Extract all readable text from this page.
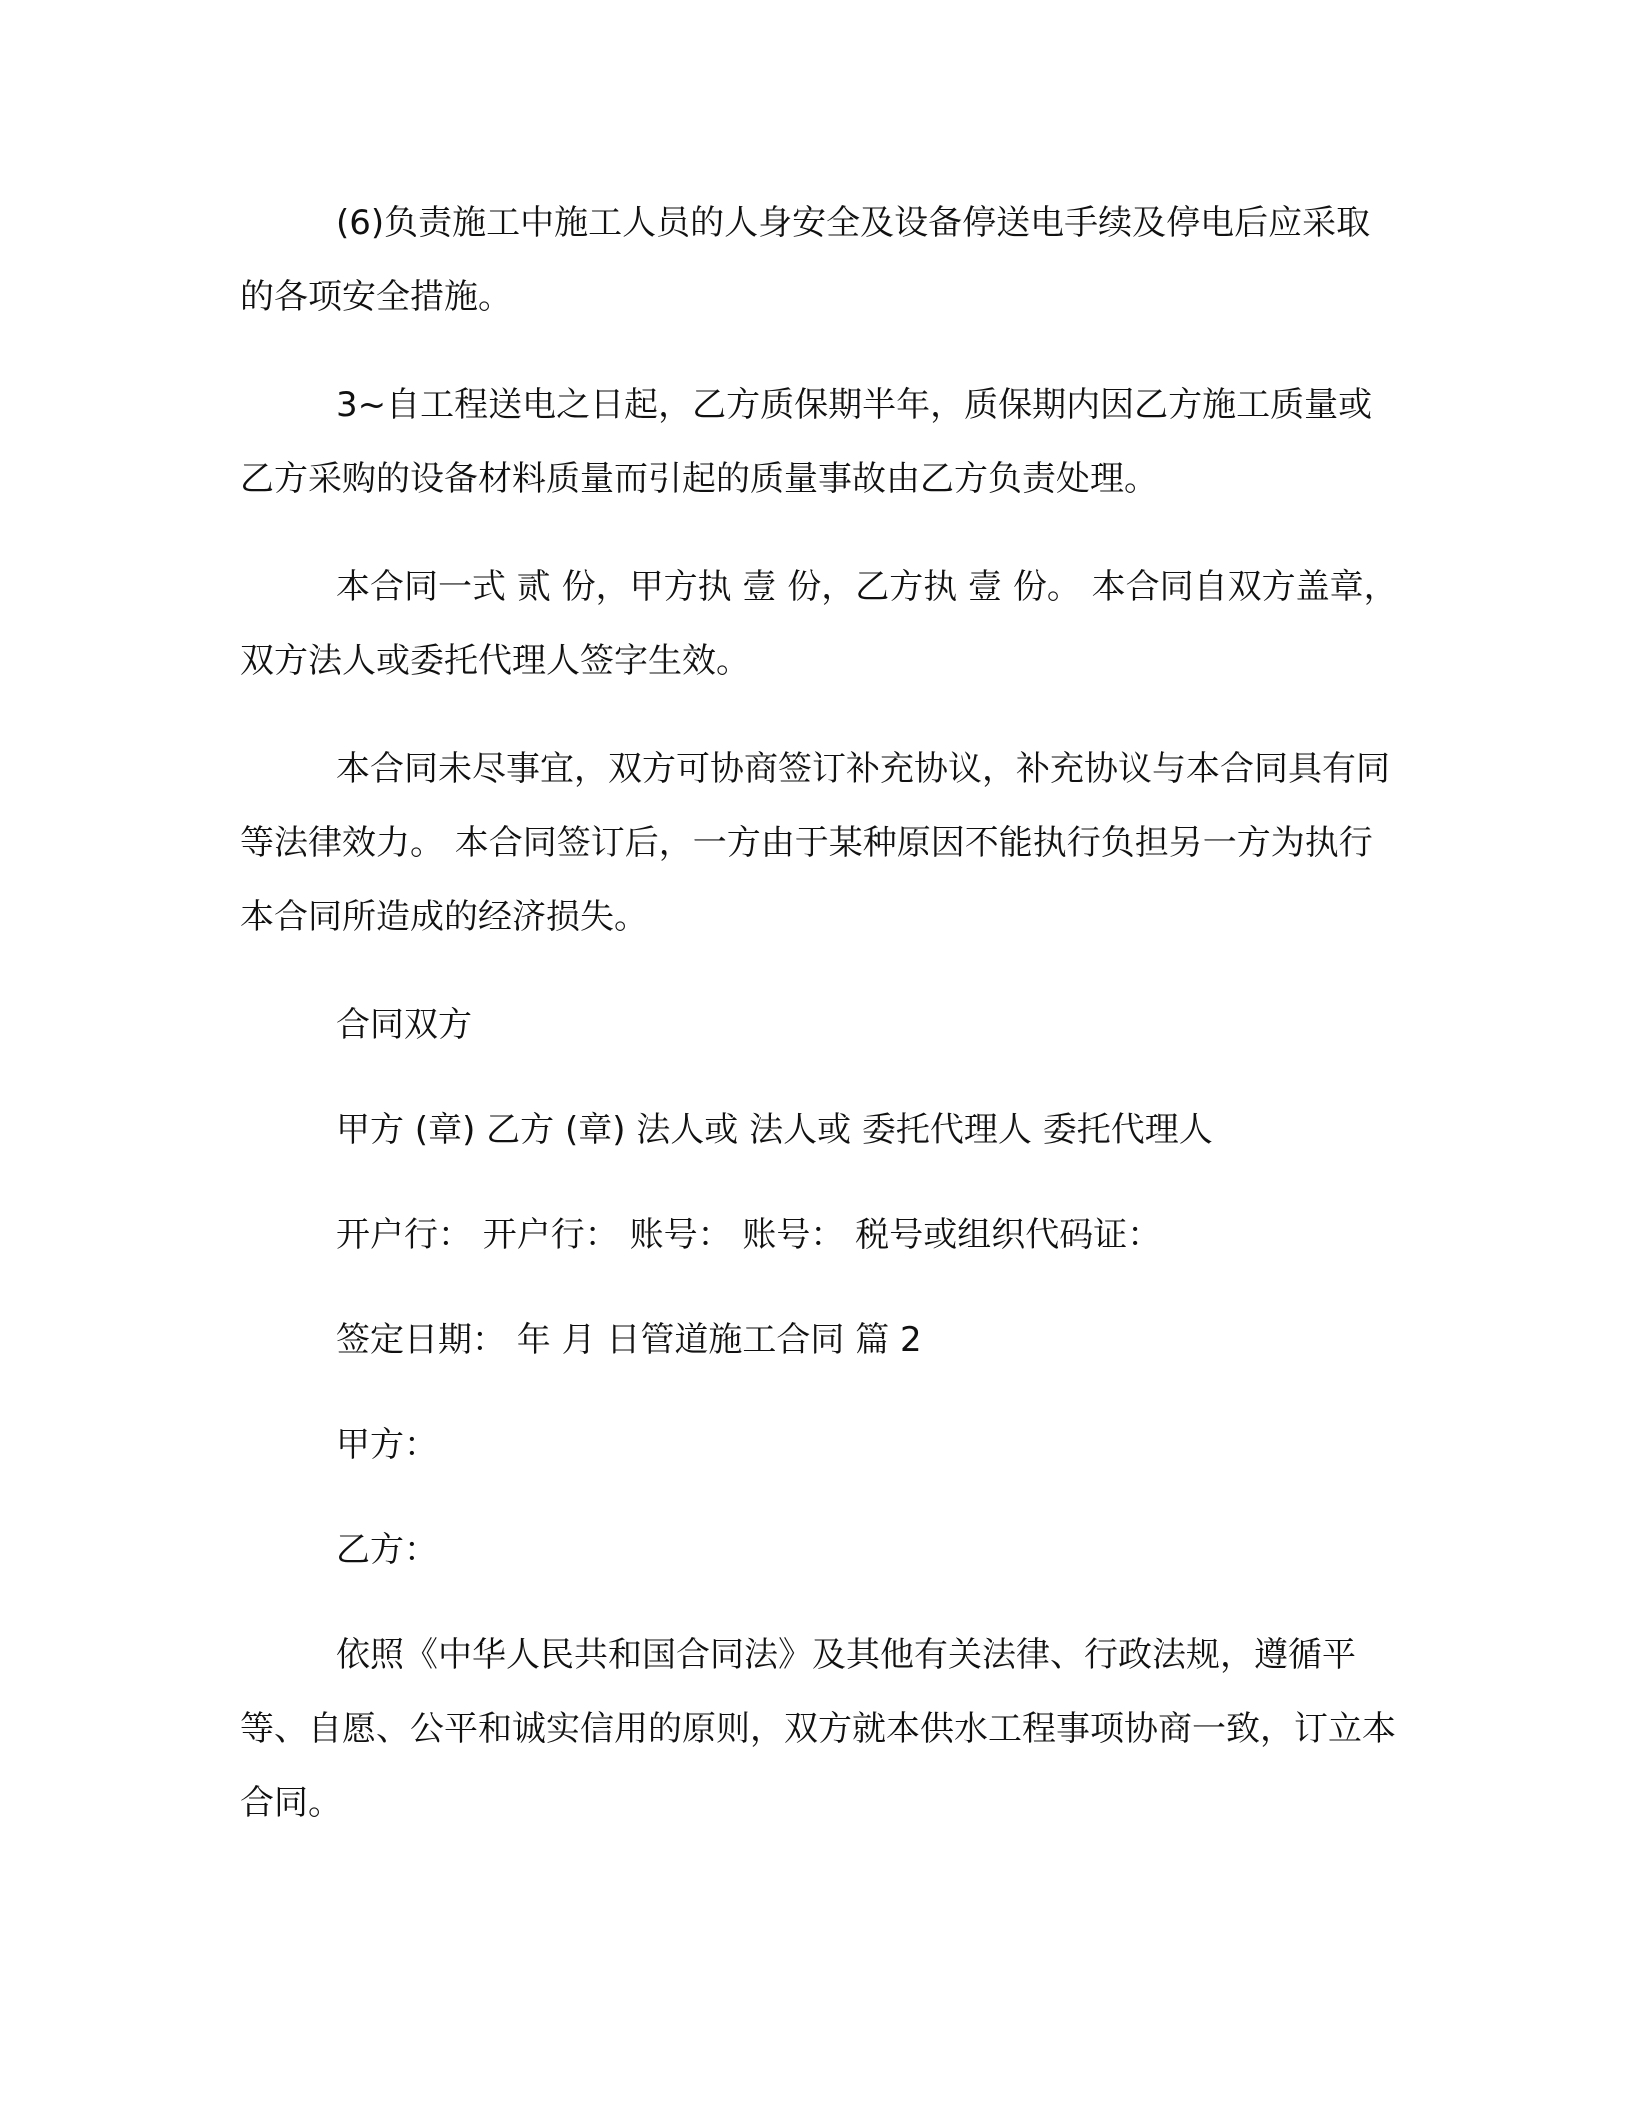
(6)负责施工中施工人员的人身安全及设备停送电手续及停电后应采取的各项安全措施。

3~自工程送电之日起，乙方质保期半年，质保期内因乙方施工质量或乙方采购的设备材料质量而引起的质量事故由乙方负责处理。

本合同一式 贰 份，甲方执 壹 份，乙方执 壹 份。 本合同自双方盖章，双方法人或委托代理人签字生效。

本合同未尽事宜，双方可协商签订补充协议，补充协议与本合同具有同等法律效力。 本合同签订后，一方由于某种原因不能执行负担另一方为执行本合同所造成的经济损失。

合同双方
甲方 (章) 乙方 (章) 法人或 法人或 委托代理人 委托代理人
开户行： 开户行： 账号： 账号： 税号或组织代码证：
签定日期： 年 月 日管道施工合同 篇 2
甲方：
乙方：

依照《中华人民共和国合同法》及其他有关法律、行政法规，遵循平等、自愿、公平和诚实信用的原则，双方就本供水工程事项协商一致，订立本合同。
